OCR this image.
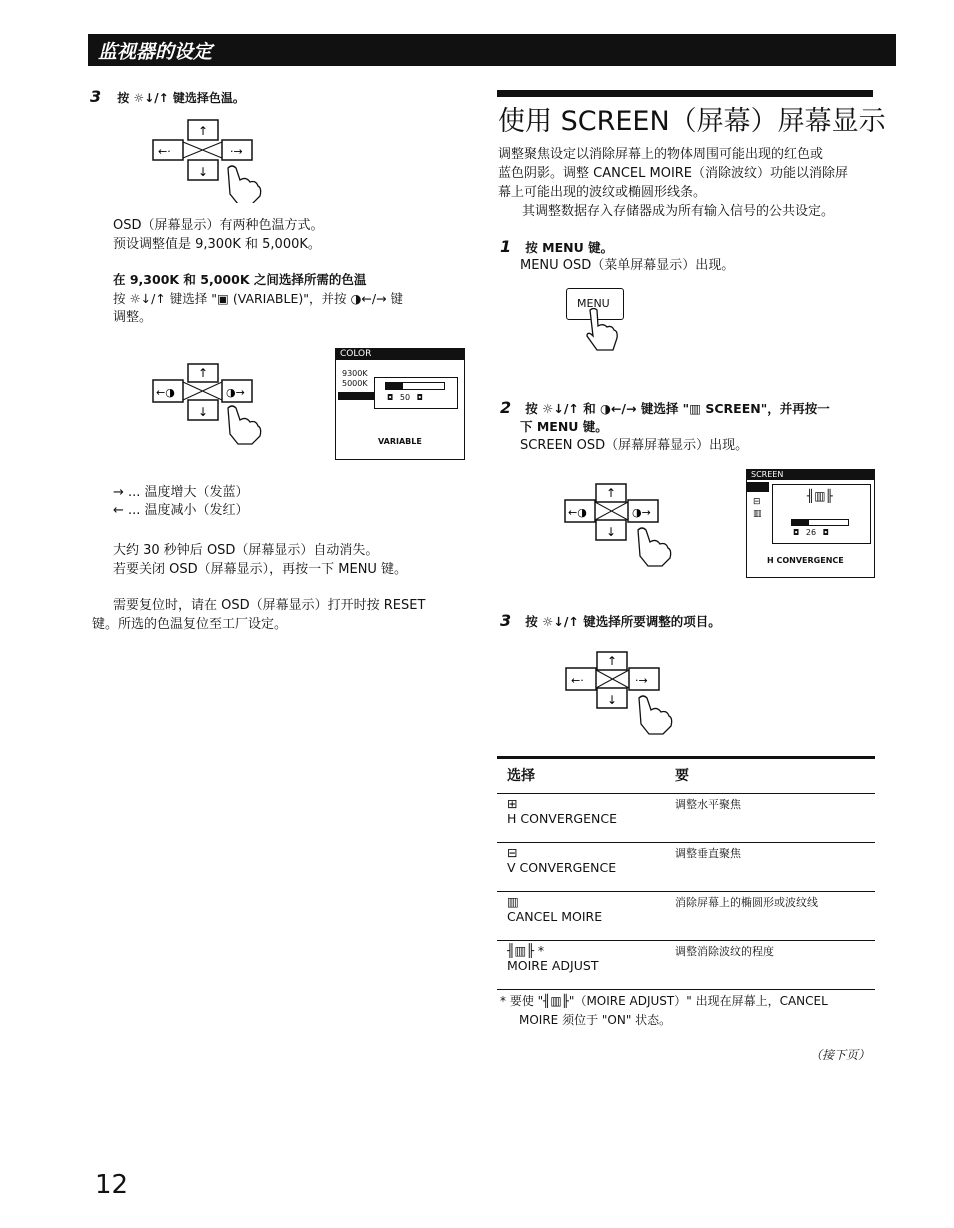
监视器的设定
3 按 ☼↓/↑ 键选择色温。
↑
↓
←·	·→

OSD（屏幕显示）有两种色温方式。

预设调整值是 9,300K 和 5,000K。

在 9,300K 和 5,000K 之间选择所需的色温

按 ☼↓/↑ 键选择 "▣ (VARIABLE)"，并按 ◑←/→ 键

调整。

↑
↓
←◑	◑→
COLOR
9300K
5000K
◘ 50 ◘
VARIABLE

→ ... 温度增大（发蓝）

← ... 温度减小（发红）

大约 30 秒钟后 OSD（屏幕显示）自动消失。

若要关闭 OSD（屏幕显示），再按一下 MENU 键。

需要复位时，请在 OSD（屏幕显示）打开时按 RESET

键。所选的色温复位至工厂设定。

使用 SCREEN（屏幕）屏幕显示

调整聚焦设定以消除屏幕上的物体周围可能出现的红色或

蓝色阴影。调整 CANCEL MOIRE（消除波纹）功能以消除屏

幕上可能出现的波纹或椭圆形线条。

其调整数据存入存储器成为所有输入信号的公共设定。

1 按 MENU 键。

MENU OSD（菜单屏幕显示）出现。

MENU
2 按 ☼↓/↑ 和 ◑←/→ 键选择 "▥ SCREEN"，并再按一

下 MENU 键。

SCREEN OSD（屏幕屏幕显示）出现。

↑
↓
←◑	◑→
SCREEN
⊟
▥
╢▥╟
◘ 26 ◘
H CONVERGENCE
3 按 ☼↓/↑ 键选择所要调整的项目。
↑
↓
←·	·→
选择	要

⊞
H CONVERGENCE	调整水平聚焦

⊟
V CONVERGENCE	调整垂直聚焦

▥
CANCEL MOIRE	消除屏幕上的椭圆形或波纹线

╢▥╟ *
MOIRE ADJUST	调整消除波纹的程度

* 要使 "╢▥╟"（MOIRE ADJUST）" 出现在屏幕上，CANCEL

MOIRE 须位于 "ON" 状态。

（接下页）

12
